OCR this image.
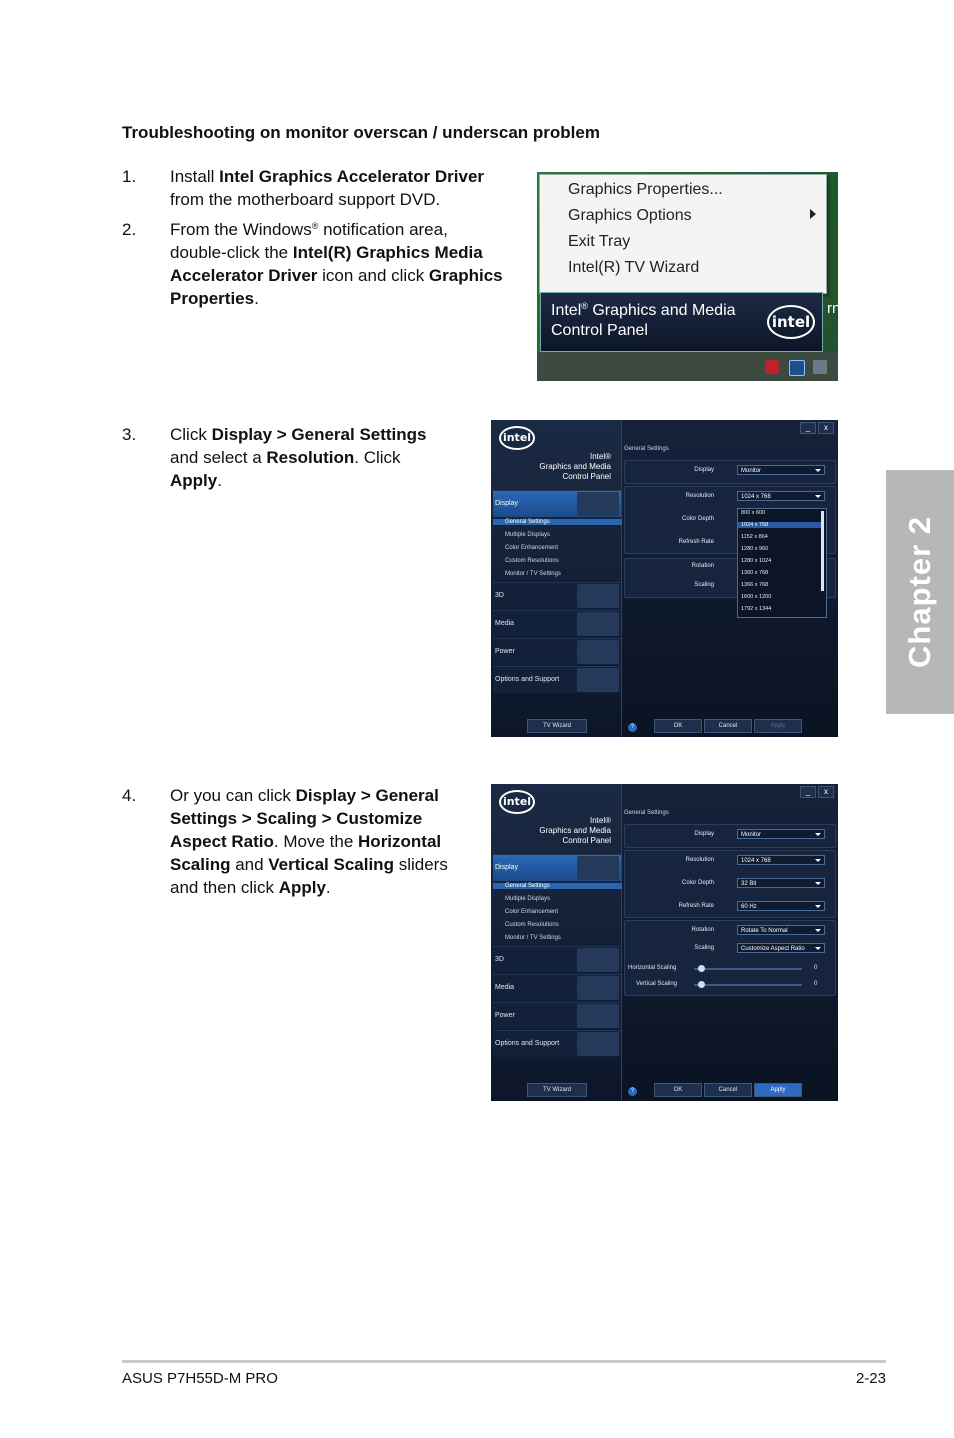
Troubleshooting on monitor overscan / underscan problem
1.	Install Intel Graphics Accelerator Driver
from the motherboard support DVD.
2.	From the Windows® notification area,
double-click the Intel(R) Graphics Media
Accelerator Driver icon and click Graphics
Properties.
3.	Click Display > General Settings
and select a Resolution. Click
Apply.
4.	Or you can click Display > General
Settings > Scaling > Customize
Aspect Ratio. Move the Horizontal
Scaling and Vertical Scaling sliders
and then click Apply.
Graphics Properties...
Graphics Options
Exit Tray
Intel(R) TV Wizard
Intel® Graphics and Media
Control Panel	intel
rn
intel
Intel®
Graphics and Media
Control Panel
Display
General Settings
Multiple Displays
Color Enhancement
Custom Resolutions
Monitor / TV Settings
3D
Media
Power
Options and Support
TV Wizard
_	x
General Settings
Display	Monitor
Resolution	1024 x 768
Color Depth
Refresh Rate
Rotation
Scaling
800 x 600
1024 x 768
1152 x 864
1280 x 960
1280 x 1024
1360 x 768
1366 x 768
1600 x 1200
1792 x 1344
?	OK	Cancel	Apply
intel
Intel®
Graphics and Media
Control Panel
Display
General Settings
Multiple Displays
Color Enhancement
Custom Resolutions
Monitor / TV Settings
3D
Media
Power
Options and Support
TV Wizard
_	x
General Settings
Display	Monitor
Resolution	1024 x 768
Color Depth	32 Bit
Refresh Rate	60 Hz
Rotation	Rotate To Normal
Scaling	Customize Aspect Ratio
Horizontal Scaling	0
Vertical Scaling	0
?	OK	Cancel	Apply
Chapter 2
ASUS P7H55D-M PRO	2-23
